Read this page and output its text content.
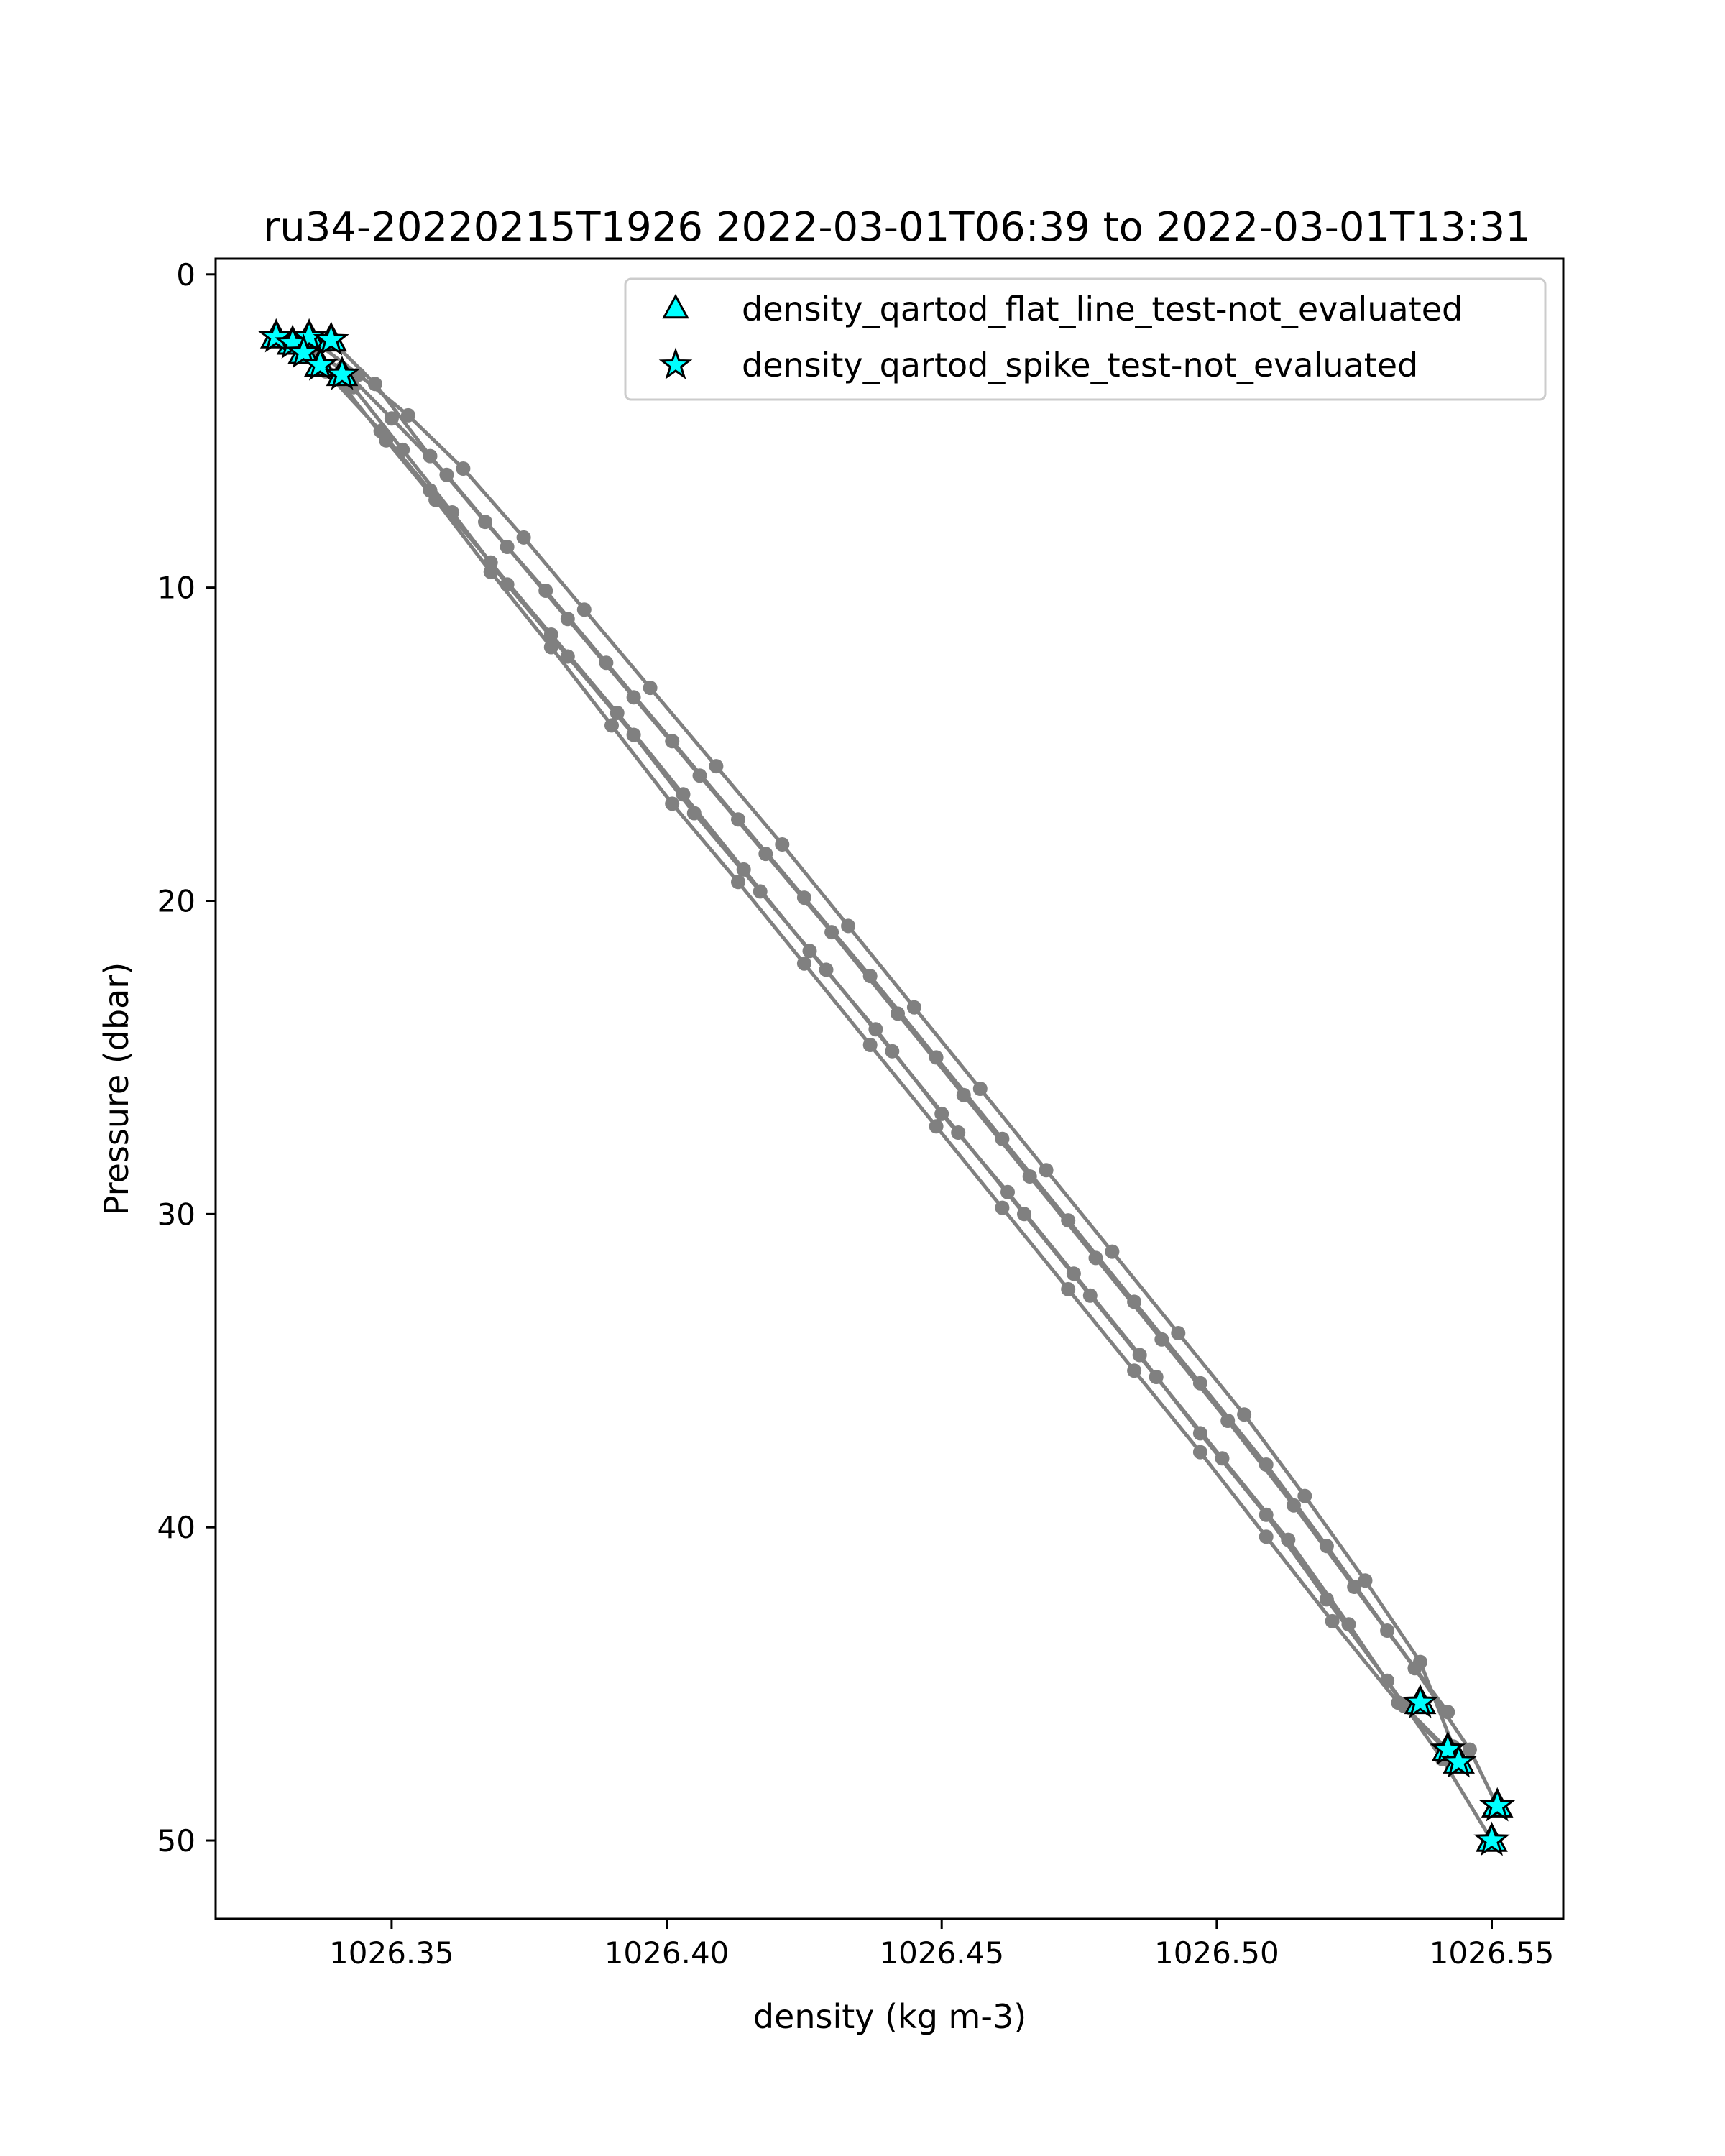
ru34-20220215T1926 2022-03-01T06:39 to 2022-03-01T13:31
1026.35	1026.40	1026.45	1026.50	1026.55
0
10
20
30
40
50
density (kg m-3)
Pressure (dbar)
density_qartod_flat_line_test-not_evaluated
density_qartod_spike_test-not_evaluated
